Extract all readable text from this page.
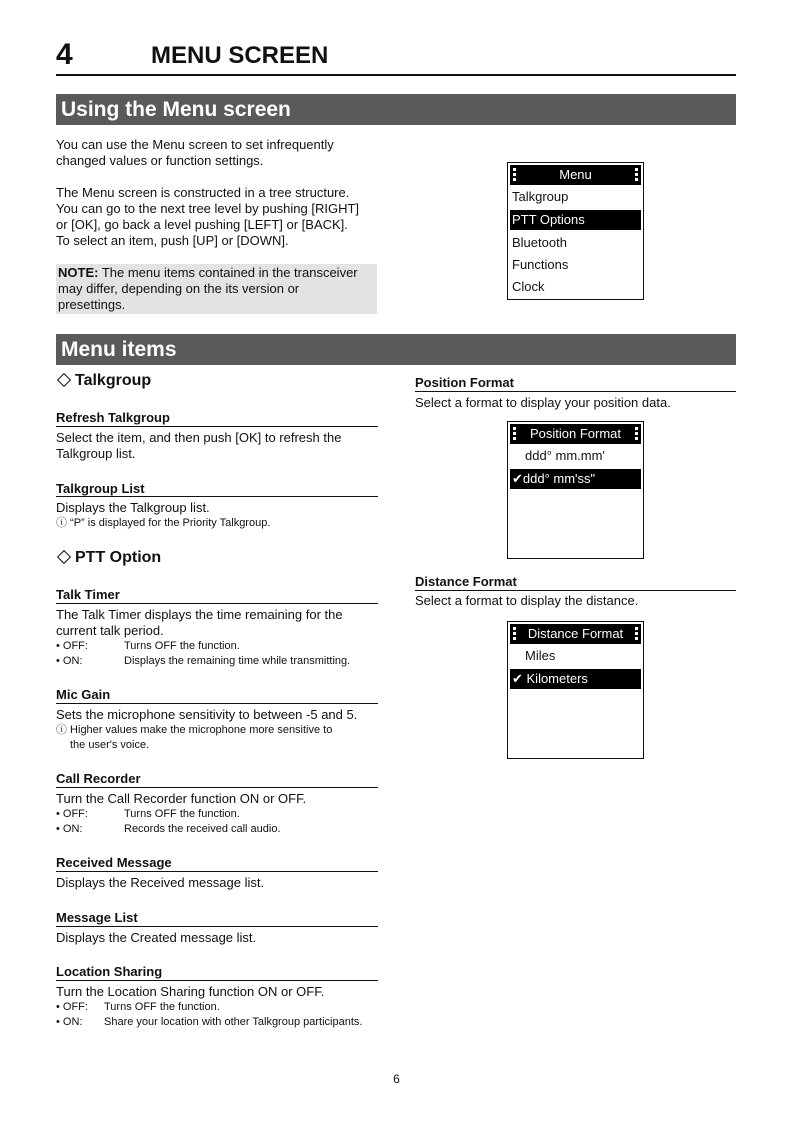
4	MENU SCREEN
Using the Menu screen
You can use the Menu screen to set infrequently
changed values or function settings.
The Menu screen is constructed in a tree structure.
You can go to the next tree level by pushing [RIGHT]
or [OK], go back a level pushing [LEFT] or [BACK].
To select an item, push [UP] or [DOWN].
NOTE: The menu items contained in the transceiver
may differ, depending on the its version or
presettings.
Menu
Talkgroup
PTT Options
Bluetooth
Functions
Clock
Menu items
Talkgroup
Refresh Talkgroup
Select the item, and then push [OK] to refresh the
Talkgroup list.
Talkgroup List
Displays the Talkgroup list.
ⓘ “P” is displayed for the Priority Talkgroup.
PTT Option
Talk Timer
The Talk Timer displays the time remaining for the
current talk period.
• OFF:	Turns OFF the function.
• ON:	Displays the remaining time while transmitting.
Mic Gain
Sets the microphone sensitivity to between -5 and 5.
ⓘ Higher values make the microphone more sensitive to
the user's voice.
Call Recorder
Turn the Call Recorder function ON or OFF.
• OFF:	Turns OFF the function.
• ON:	Records the received call audio.
Received Message
Displays the Received message list.
Message List
Displays the Created message list.
Location Sharing
Turn the Location Sharing function ON or OFF.
• OFF: Turns OFF the function.
• ON: Share your location with other Talkgroup participants.
Position Format
Select a format to display your position data.
Position Format
ddd° mm.mm'
✔ddd° mm'ss"
Distance Format
Select a format to display the distance.
Distance Format
Miles
✔ Kilometers
6
